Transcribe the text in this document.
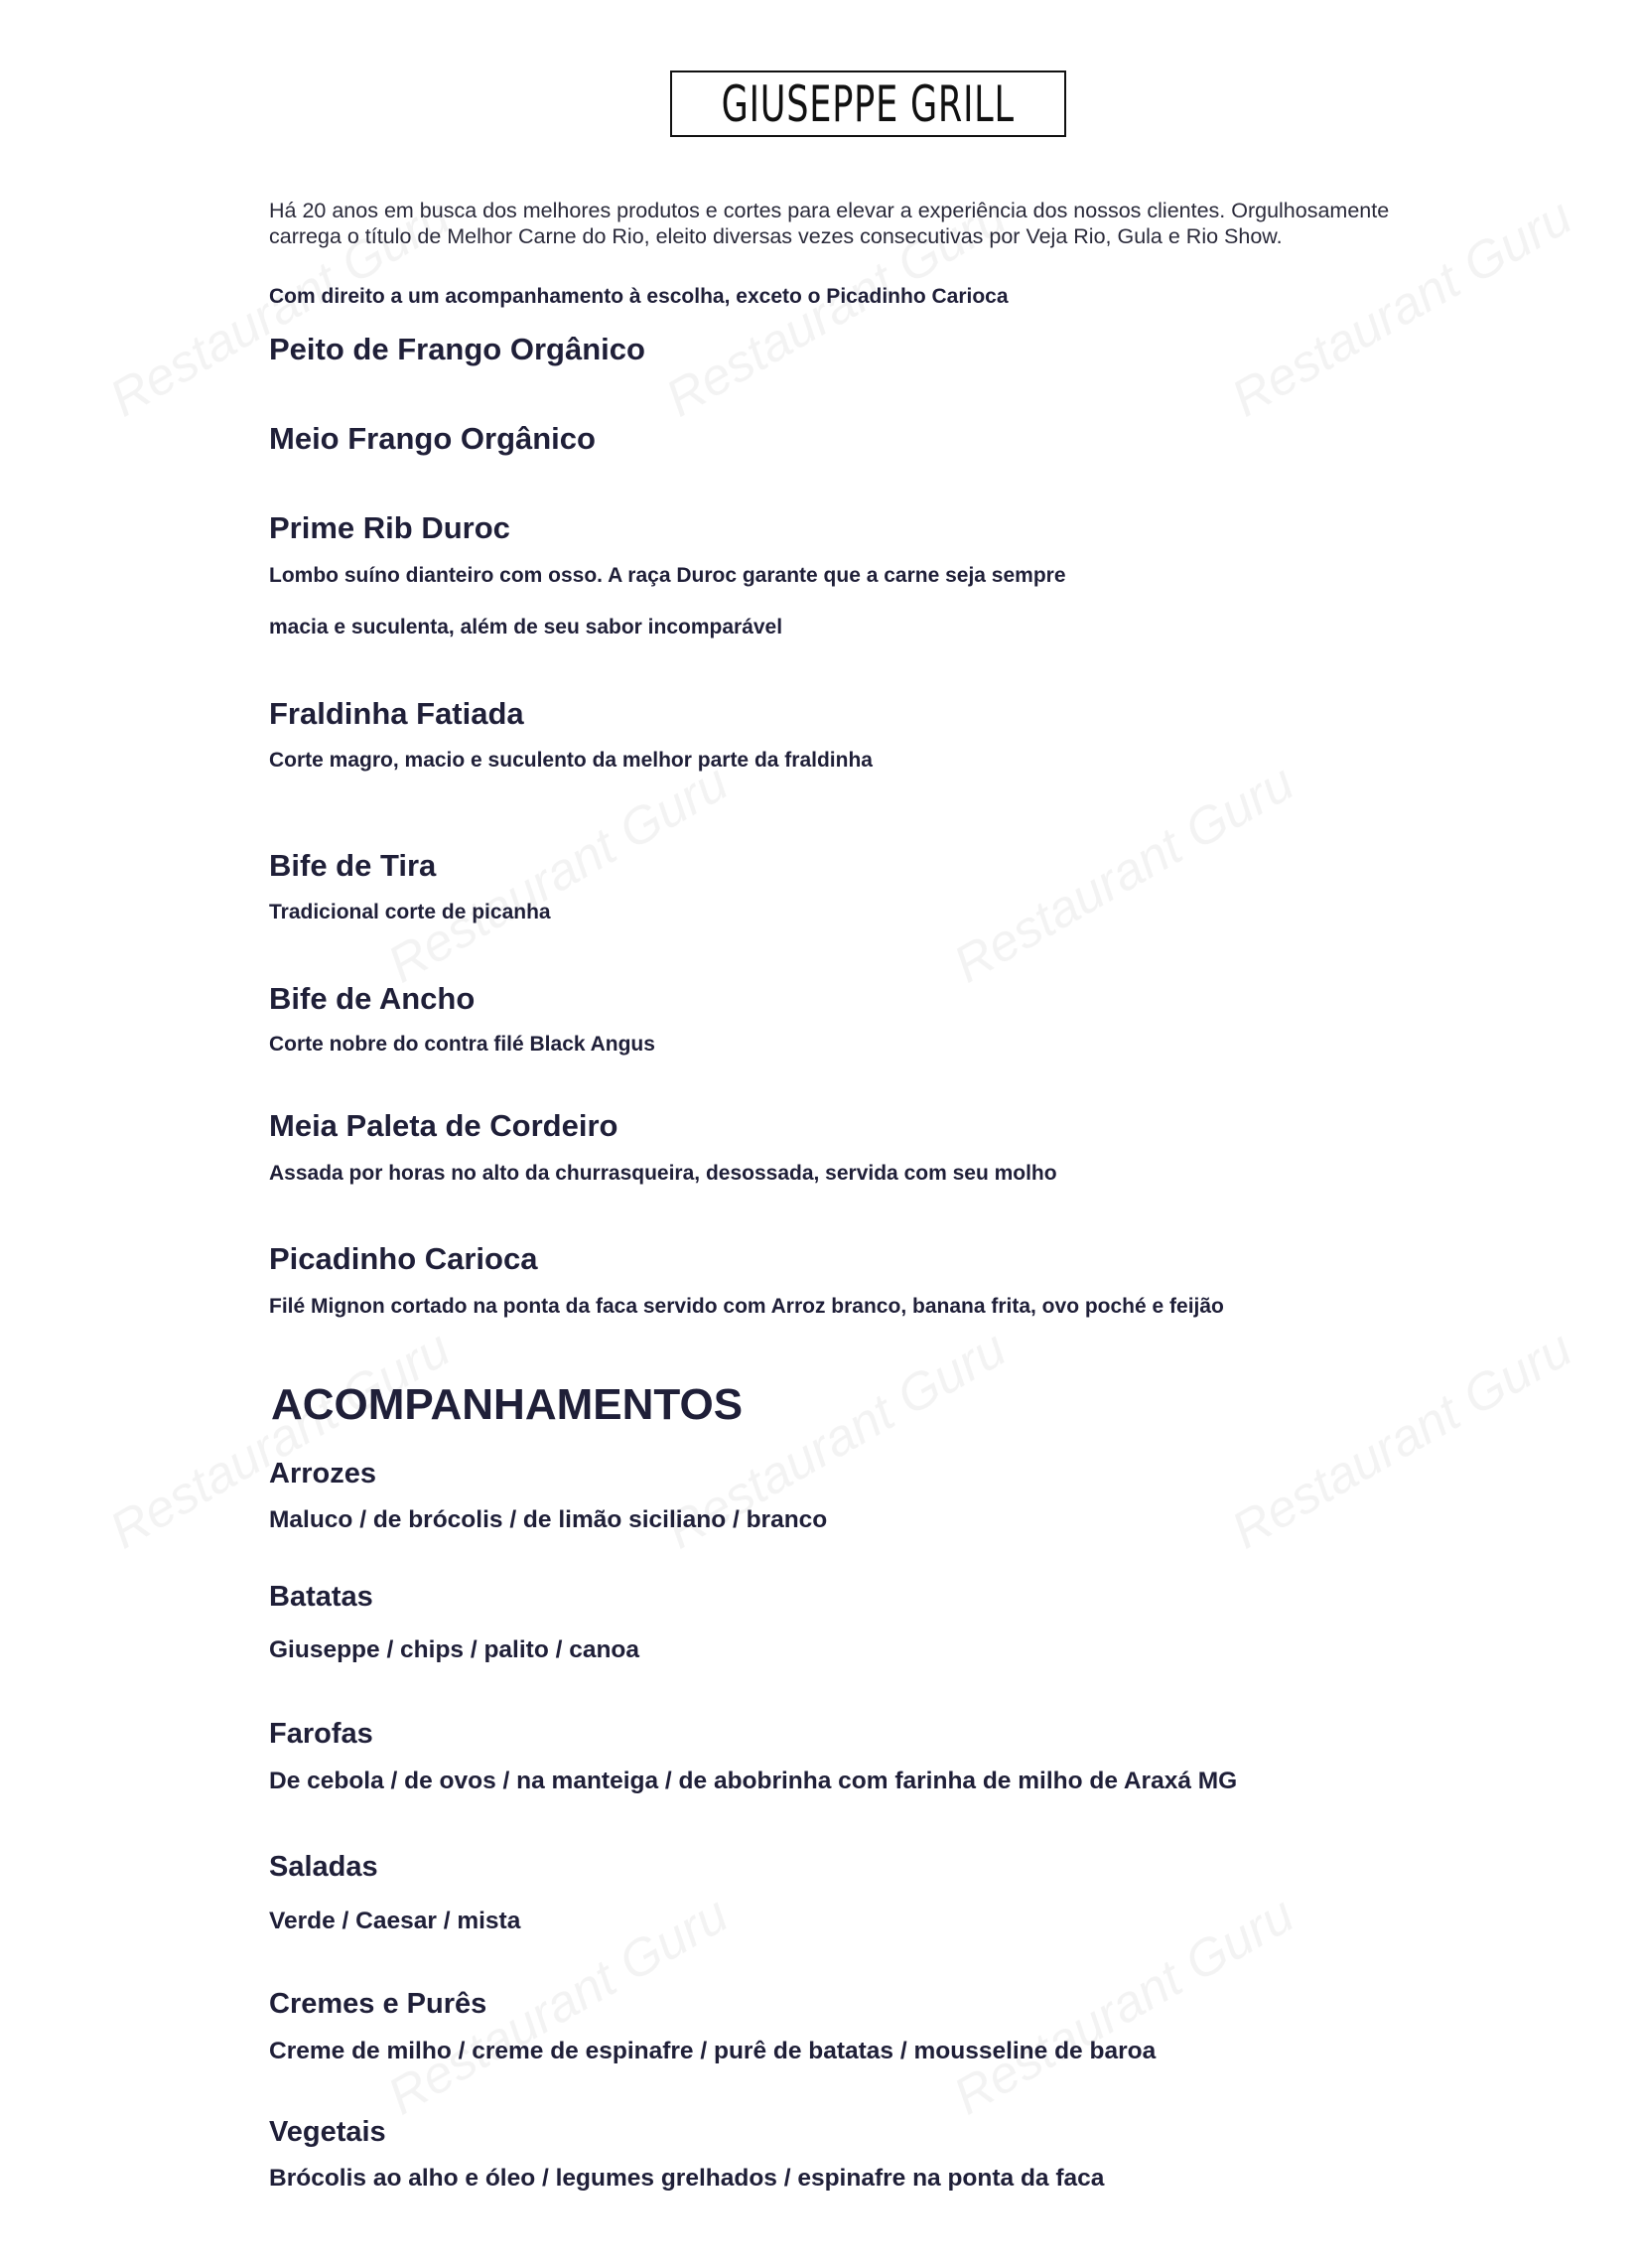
GIUSEPPE GRILL
Há 20 anos em busca dos melhores produtos e cortes para elevar a experiência dos nossos clientes. Orgulhosamente
carrega o título de Melhor Carne do Rio, eleito diversas vezes consecutivas por Veja Rio, Gula e Rio Show.
Com direito a um acompanhamento à escolha, exceto o Picadinho Carioca
Peito de Frango Orgânico
Meio Frango Orgânico
Prime Rib Duroc
Lombo suíno dianteiro com osso. A raça Duroc garante que a carne seja sempre
macia e suculenta, além de seu sabor incomparável
Fraldinha Fatiada
Corte magro, macio e suculento da melhor parte da fraldinha
Bife de Tira
Tradicional corte de picanha
Bife de Ancho
Corte nobre do contra filé Black Angus
Meia Paleta de Cordeiro
Assada por horas no alto da churrasqueira, desossada, servida com seu molho
Picadinho Carioca
Filé Mignon cortado na ponta da faca servido com Arroz branco, banana frita, ovo poché e feijão
ACOMPANHAMENTOS
Arrozes
Maluco / de brócolis / de limão siciliano / branco
Batatas
Giuseppe / chips / palito / canoa
Farofas
De cebola / de ovos / na manteiga / de abobrinha com farinha de milho de Araxá MG
Saladas
Verde / Caesar / mista
Cremes e Purês
Creme de milho / creme de espinafre / purê de batatas / mousseline de baroa
Vegetais
Brócolis ao alho e óleo / legumes grelhados / espinafre na ponta da faca
